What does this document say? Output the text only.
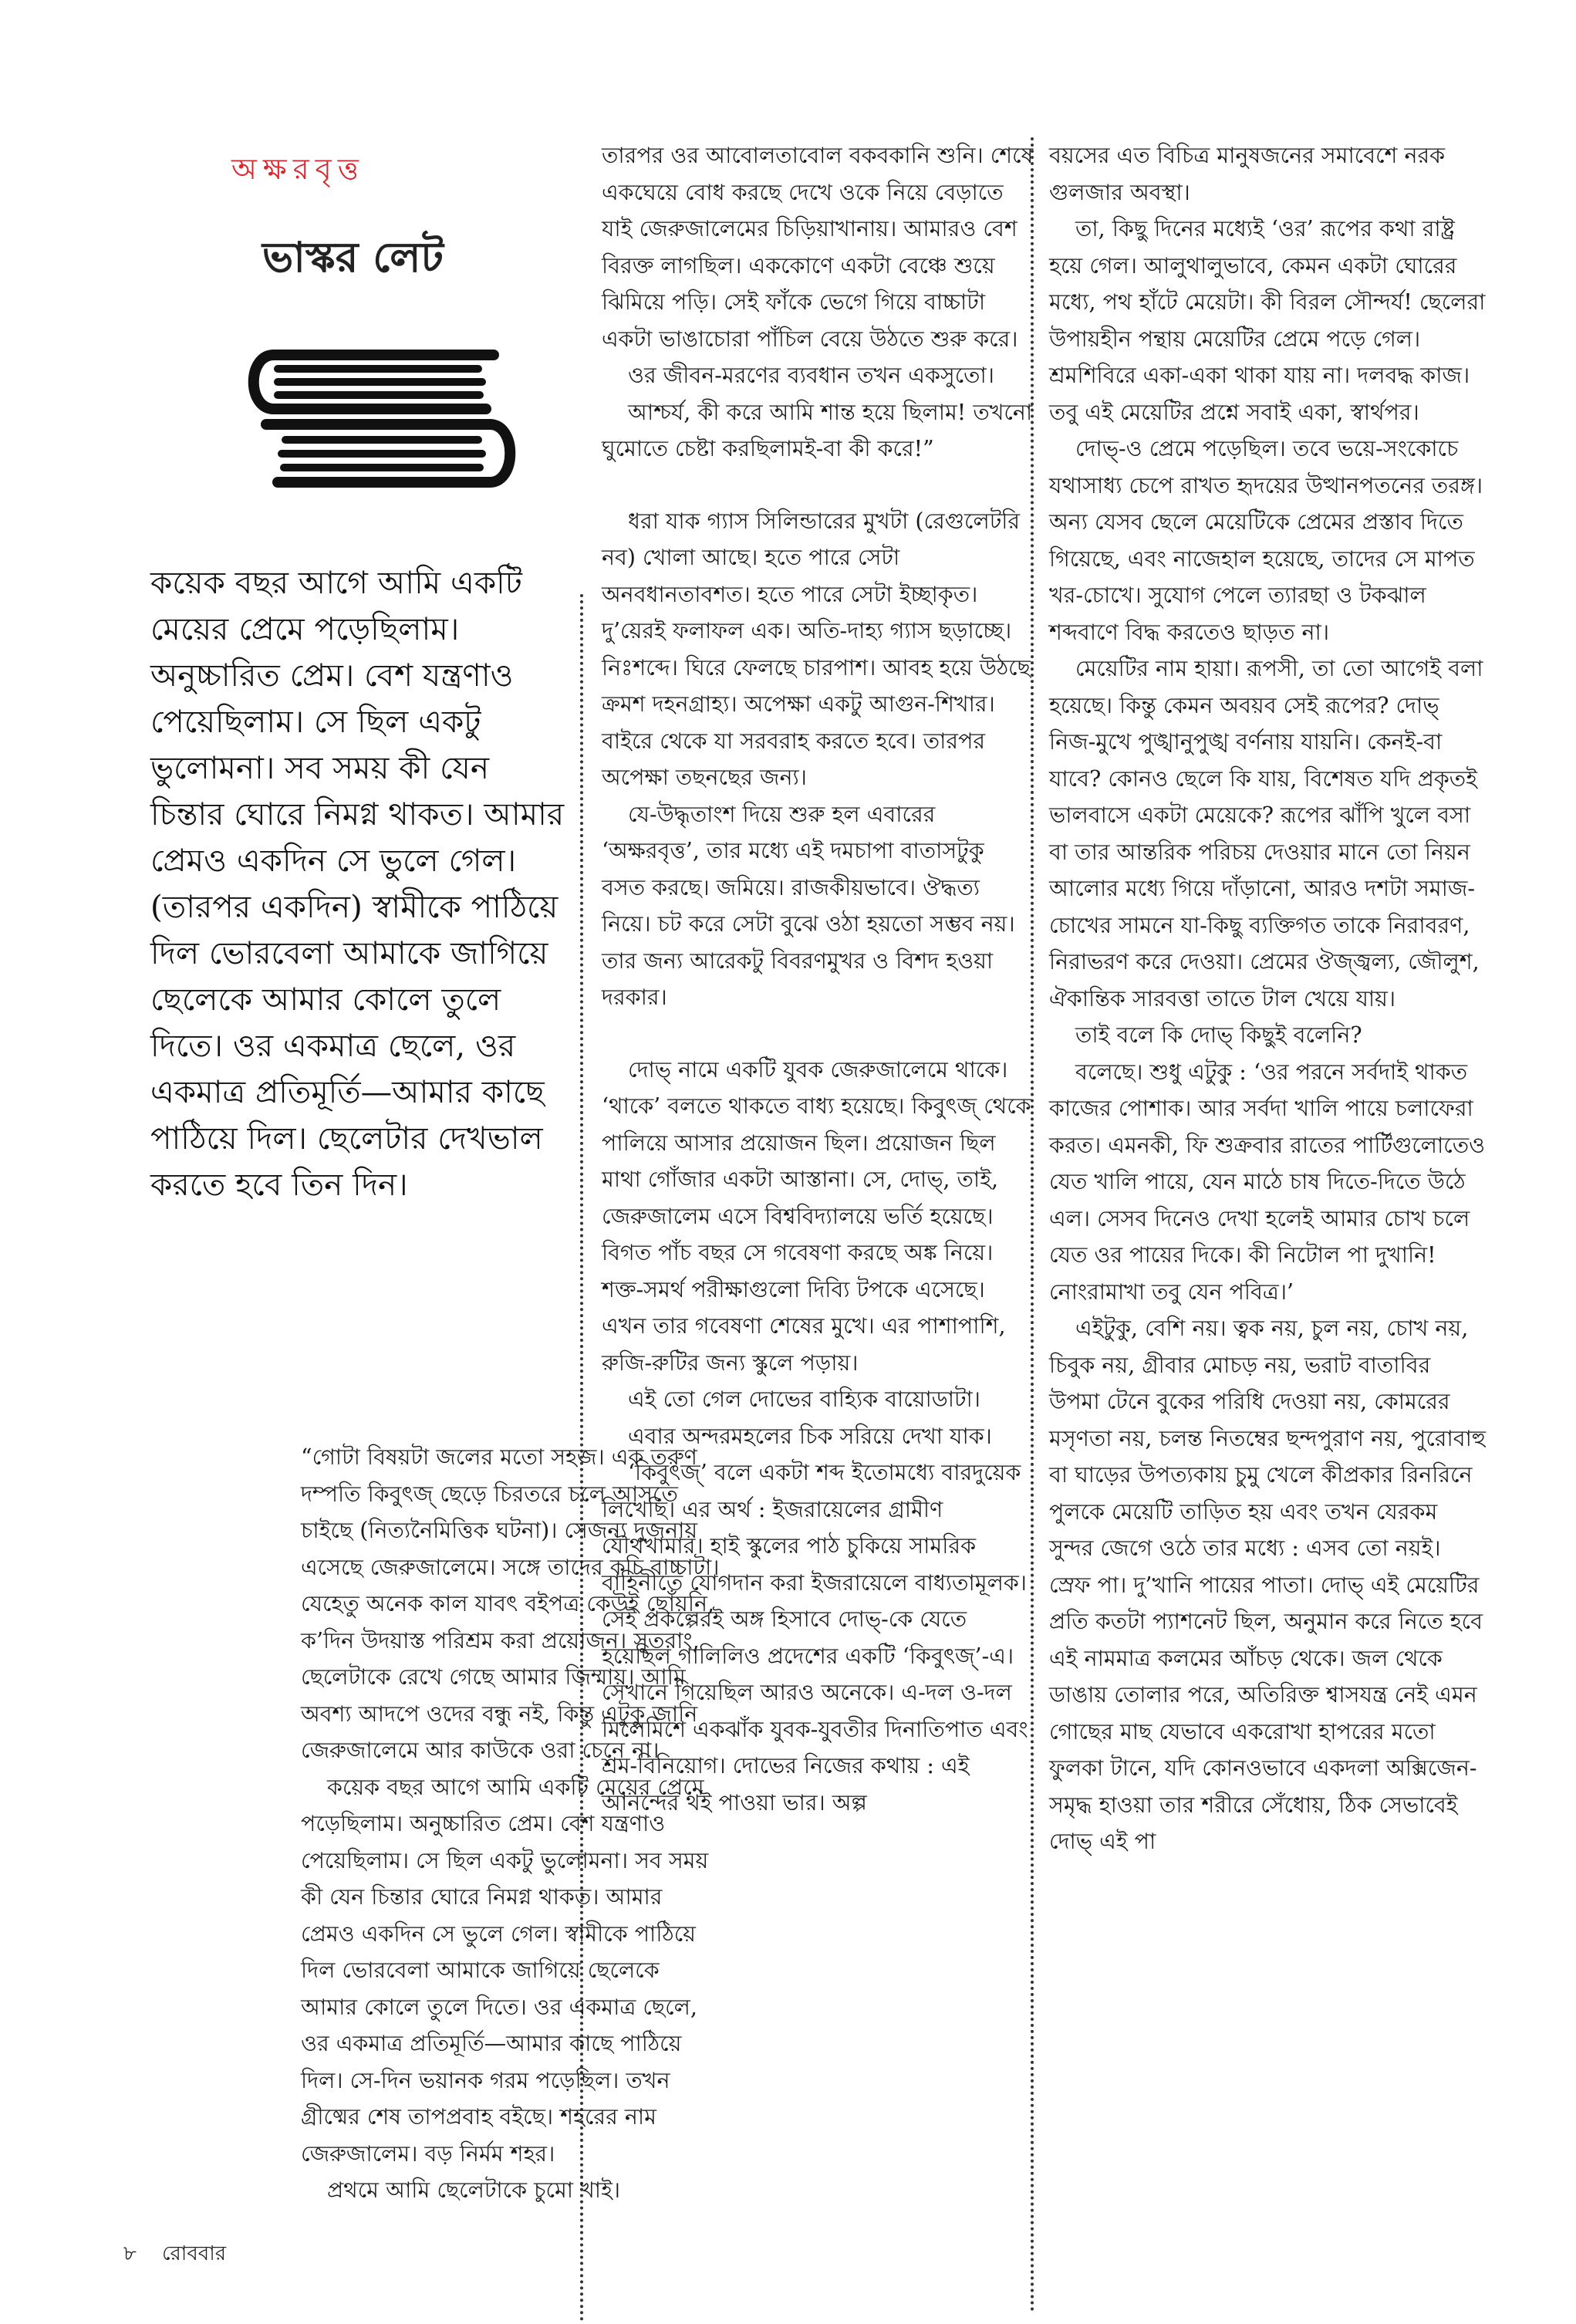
অক্ষরবৃত্ত
ভাস্কর লেট

কয়েক বছর আগে আমি একটি মেয়ের প্রেমে পড়েছিলাম। অনুচ্চারিত প্রেম। বেশ যন্ত্রণাও পেয়েছিলাম। সে ছিল একটু ভুলোমনা। সব সময় কী যেন চিন্তার ঘোরে নিমগ্ন থাকত। আমার প্রেমও একদিন সে ভুলে গেল। (তারপর একদিন) স্বামীকে পাঠিয়ে দিল ভোরবেলা আমাকে জাগিয়ে ছেলেকে আমার কোলে তুলে দিতে। ওর একমাত্র ছেলে, ওর একমাত্র প্রতিমূর্তি—আমার কাছে পাঠিয়ে দিল। ছেলেটার দেখভাল করতে হবে তিন দিন।

“গোটা বিষয়টা জলের মতো সহজ। এক তরুণ দম্পতি কিবুৎজ্ ছেড়ে চিরতরে চলে আসতে চাইছে (নিত্যনৈমিত্তিক ঘটনা)। সেজন্য দুজনায় এসেছে জেরুজালেমে। সঙ্গে তাদের কচি বাচ্চাটা। যেহেতু অনেক কাল যাবৎ বইপত্র কেউই ছোঁয়নি, ক’দিন উদয়াস্ত পরিশ্রম করা প্রয়োজন। সুতরাং, ছেলেটাকে রেখে গেছে আমার জিম্মায়। আমি অবশ্য আদপে ওদের বন্ধু নই, কিন্তু এটুকু জানি জেরুজালেমে আর কাউকে ওরা চেনে না।

কয়েক বছর আগে আমি একটি মেয়ের প্রেমে পড়েছিলাম। অনুচ্চারিত প্রেম। বেশ যন্ত্রণাও পেয়েছিলাম। সে ছিল একটু ভুলোমনা। সব সময় কী যেন চিন্তার ঘোরে নিমগ্ন থাকত। আমার প্রেমও একদিন সে ভুলে গেল। স্বামীকে পাঠিয়ে দিল ভোরবেলা আমাকে জাগিয়ে ছেলেকে আমার কোলে তুলে দিতে। ওর একমাত্র ছেলে, ওর একমাত্র প্রতিমূর্তি—আমার কাছে পাঠিয়ে দিল। সে-দিন ভয়ানক গরম পড়েছিল। তখন গ্রীষ্মের শেষ তাপপ্রবাহ বইছে। শহরের নাম জেরুজালেম। বড় নির্মম শহর।

প্রথমে আমি ছেলেটাকে চুমো খাই।

তারপর ওর আবোলতাবোল বকবকানি শুনি। শেষে একঘেয়ে বোধ করছে দেখে ওকে নিয়ে বেড়াতে যাই জেরুজালেমের চিড়িয়াখানায়। আমারও বেশ বিরক্ত লাগছিল। এককোণে একটা বেঞ্চে শুয়ে ঝিমিয়ে পড়ি। সেই ফাঁকে ভেগে গিয়ে বাচ্চাটা একটা ভাঙাচোরা পাঁচিল বেয়ে উঠতে শুরু করে।

ওর জীবন-মরণের ব্যবধান তখন একসুতো।

আশ্চর্য, কী করে আমি শান্ত হয়ে ছিলাম! তখনো ঘুমোতে চেষ্টা করছিলামই-বা কী করে!”

ধরা যাক গ্যাস সিলিন্ডারের মুখটা (রেগুলেটরি নব) খোলা আছে। হতে পারে সেটা অনবধানতাবশত। হতে পারে সেটা ইচ্ছাকৃত। দু’য়েরই ফলাফল এক। অতি-দাহ্য গ্যাস ছড়াচ্ছে। নিঃশব্দে। ঘিরে ফেলছে চারপাশ। আবহ হয়ে উঠছে ক্রমশ দহনগ্রাহ্য। অপেক্ষা একটু আগুন-শিখার। বাইরে থেকে যা সরবরাহ করতে হবে। তারপর অপেক্ষা তছনছের জন্য।

যে-উদ্ধৃতাংশ দিয়ে শুরু হল এবারের ‘অক্ষরবৃত্ত’, তার মধ্যে এই দমচাপা বাতাসটুকু বসত করছে। জমিয়ে। রাজকীয়ভাবে। ঔদ্ধত্য নিয়ে। চট করে সেটা বুঝে ওঠা হয়তো সম্ভব নয়। তার জন্য আরেকটু বিবরণমুখর ও বিশদ হওয়া দরকার।

দোভ্ নামে একটি যুবক জেরুজালেমে থাকে। ‘থাকে’ বলতে থাকতে বাধ্য হয়েছে। কিবুৎজ্ থেকে পালিয়ে আসার প্রয়োজন ছিল। প্রয়োজন ছিল মাথা গোঁজার একটা আস্তানা। সে, দোভ্, তাই, জেরুজালেম এসে বিশ্ববিদ্যালয়ে ভর্তি হয়েছে। বিগত পাঁচ বছর সে গবেষণা করছে অঙ্ক নিয়ে। শক্ত-সমর্থ পরীক্ষাগুলো দিব্যি টপকে এসেছে। এখন তার গবেষণা শেষের মুখে। এর পাশাপাশি, রুজি-রুটির জন্য স্কুলে পড়ায়।

এই তো গেল দোভের বাহ্যিক বায়োডাটা।

এবার অন্দরমহলের চিক সরিয়ে দেখা যাক।

‘কিবুৎজ্’ বলে একটা শব্দ ইতোমধ্যে বারদুয়েক লিখেছি। এর অর্থ : ইজরায়েলের গ্রামীণ যৌথখামার। হাই স্কুলের পাঠ চুকিয়ে সামরিক বাহিনীতে যোগদান করা ইজরায়েলে বাধ্যতামূলক। সেই প্রকল্পেরই অঙ্গ হিসাবে দোভ্-কে যেতে হয়েছিল গালিলিও প্রদেশের একটি ‘কিবুৎজ্’-এ। সেখানে গিয়েছিল আরও অনেকে। এ-দল ও-দল মিলেমিশে একঝাঁক যুবক-যুবতীর দিনাতিপাত এবং শ্রম-বিনিয়োগ। দোভের নিজের কথায় : এই আনন্দের থই পাওয়া ভার। অল্প

বয়সের এত বিচিত্র মানুষজনের সমাবেশে নরক গুলজার অবস্থা।

তা, কিছু দিনের মধ্যেই ‘ওর’ রূপের কথা রাষ্ট্র হয়ে গেল। আলুথালুভাবে, কেমন একটা ঘোরের মধ্যে, পথ হাঁটে মেয়েটা। কী বিরল সৌন্দর্য! ছেলেরা উপায়হীন পন্থায় মেয়েটির প্রেমে পড়ে গেল। শ্রমশিবিরে একা-একা থাকা যায় না। দলবদ্ধ কাজ। তবু এই মেয়েটির প্রশ্নে সবাই একা, স্বার্থপর।

দোভ্-ও প্রেমে পড়েছিল। তবে ভয়ে-সংকোচে যথাসাধ্য চেপে রাখত হৃদয়ের উত্থানপতনের তরঙ্গ। অন্য যেসব ছেলে মেয়েটিকে প্রেমের প্রস্তাব দিতে গিয়েছে, এবং নাজেহাল হয়েছে, তাদের সে মাপত খর-চোখে। সুযোগ পেলে ত্যারছা ও টকঝাল শব্দবাণে বিদ্ধ করতেও ছাড়ত না।

মেয়েটির নাম হায়া। রূপসী, তা তো আগেই বলা হয়েছে। কিন্তু কেমন অবয়ব সেই রূপের? দোভ্ নিজ-মুখে পুঙ্খানুপুঙ্খ বর্ণনায় যায়নি। কেনই-বা যাবে? কোনও ছেলে কি যায়, বিশেষত যদি প্রকৃতই ভালবাসে একটা মেয়েকে? রূপের ঝাঁপি খুলে বসা বা তার আন্তরিক পরিচয় দেওয়ার মানে তো নিয়ন আলোর মধ্যে গিয়ে দাঁড়ানো, আরও দশটা সমাজ-চোখের সামনে যা-কিছু ব্যক্তিগত তাকে নিরাবরণ, নিরাভরণ করে দেওয়া। প্রেমের ঔজ্জ্বল্য, জৌলুশ, ঐকান্তিক সারবত্তা তাতে টাল খেয়ে যায়।

তাই বলে কি দোভ্ কিছুই বলেনি?

বলেছে। শুধু এটুকু : ‘ওর পরনে সর্বদাই থাকত কাজের পোশাক। আর সর্বদা খালি পায়ে চলাফেরা করত। এমনকী, ফি শুক্রবার রাতের পার্টিগুলোতেও যেত খালি পায়ে, যেন মাঠে চাষ দিতে-দিতে উঠে এল। সেসব দিনেও দেখা হলেই আমার চোখ চলে যেত ওর পায়ের দিকে। কী নিটোল পা দুখানি! নোংরামাখা তবু যেন পবিত্র।’

এইটুকু, বেশি নয়। ত্বক নয়, চুল নয়, চোখ নয়, চিবুক নয়, গ্রীবার মোচড় নয়, ভরাট বাতাবির উপমা টেনে বুকের পরিধি দেওয়া নয়, কোমরের মসৃণতা নয়, চলন্ত নিতম্বের ছন্দপুরাণ নয়, পুরোবাহু বা ঘাড়ের উপত্যকায় চুমু খেলে কীপ্রকার রিনরিনে পুলকে মেয়েটি তাড়িত হয় এবং তখন যেরকম সুন্দর জেগে ওঠে তার মধ্যে : এসব তো নয়ই। স্রেফ পা। দু’খানি পায়ের পাতা। দোভ্ এই মেয়েটির প্রতি কতটা প্যাশনেট ছিল, অনুমান করে নিতে হবে এই নামমাত্র কলমের আঁচড় থেকে। জল থেকে ডাঙায় তোলার পরে, অতিরিক্ত শ্বাসযন্ত্র নেই এমন গোছের মাছ যেভাবে একরোখা হাপরের মতো ফুলকা টানে, যদি কোনওভাবে একদলা অক্সিজেন-সমৃদ্ধ হাওয়া তার শরীরে সেঁধোয়, ঠিক সেভাবেই দোভ্ এই পা

৮ রোববার
